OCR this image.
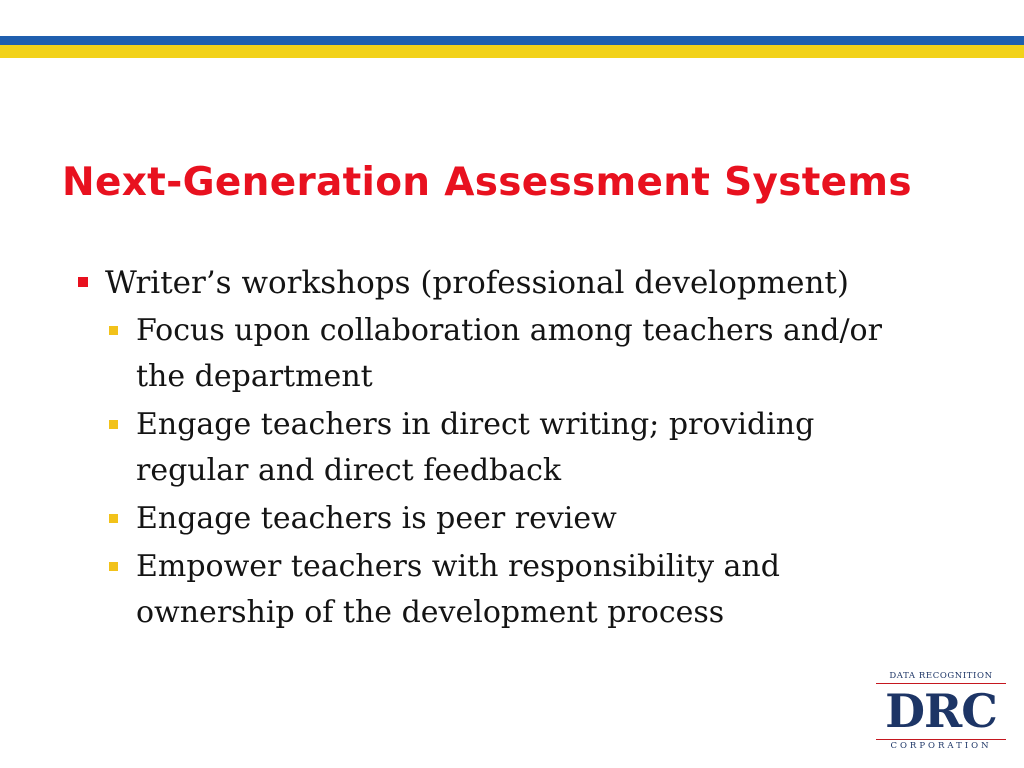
Next-Generation Assessment Systems
Writer’s workshops (professional development)
Focus upon collaboration among teachers and/or the department
Engage teachers in direct writing; providing regular and direct feedback
Engage teachers is peer review
Empower teachers with responsibility and ownership of the development process
DATA RECOGNITION
DRC
CORPORATION
